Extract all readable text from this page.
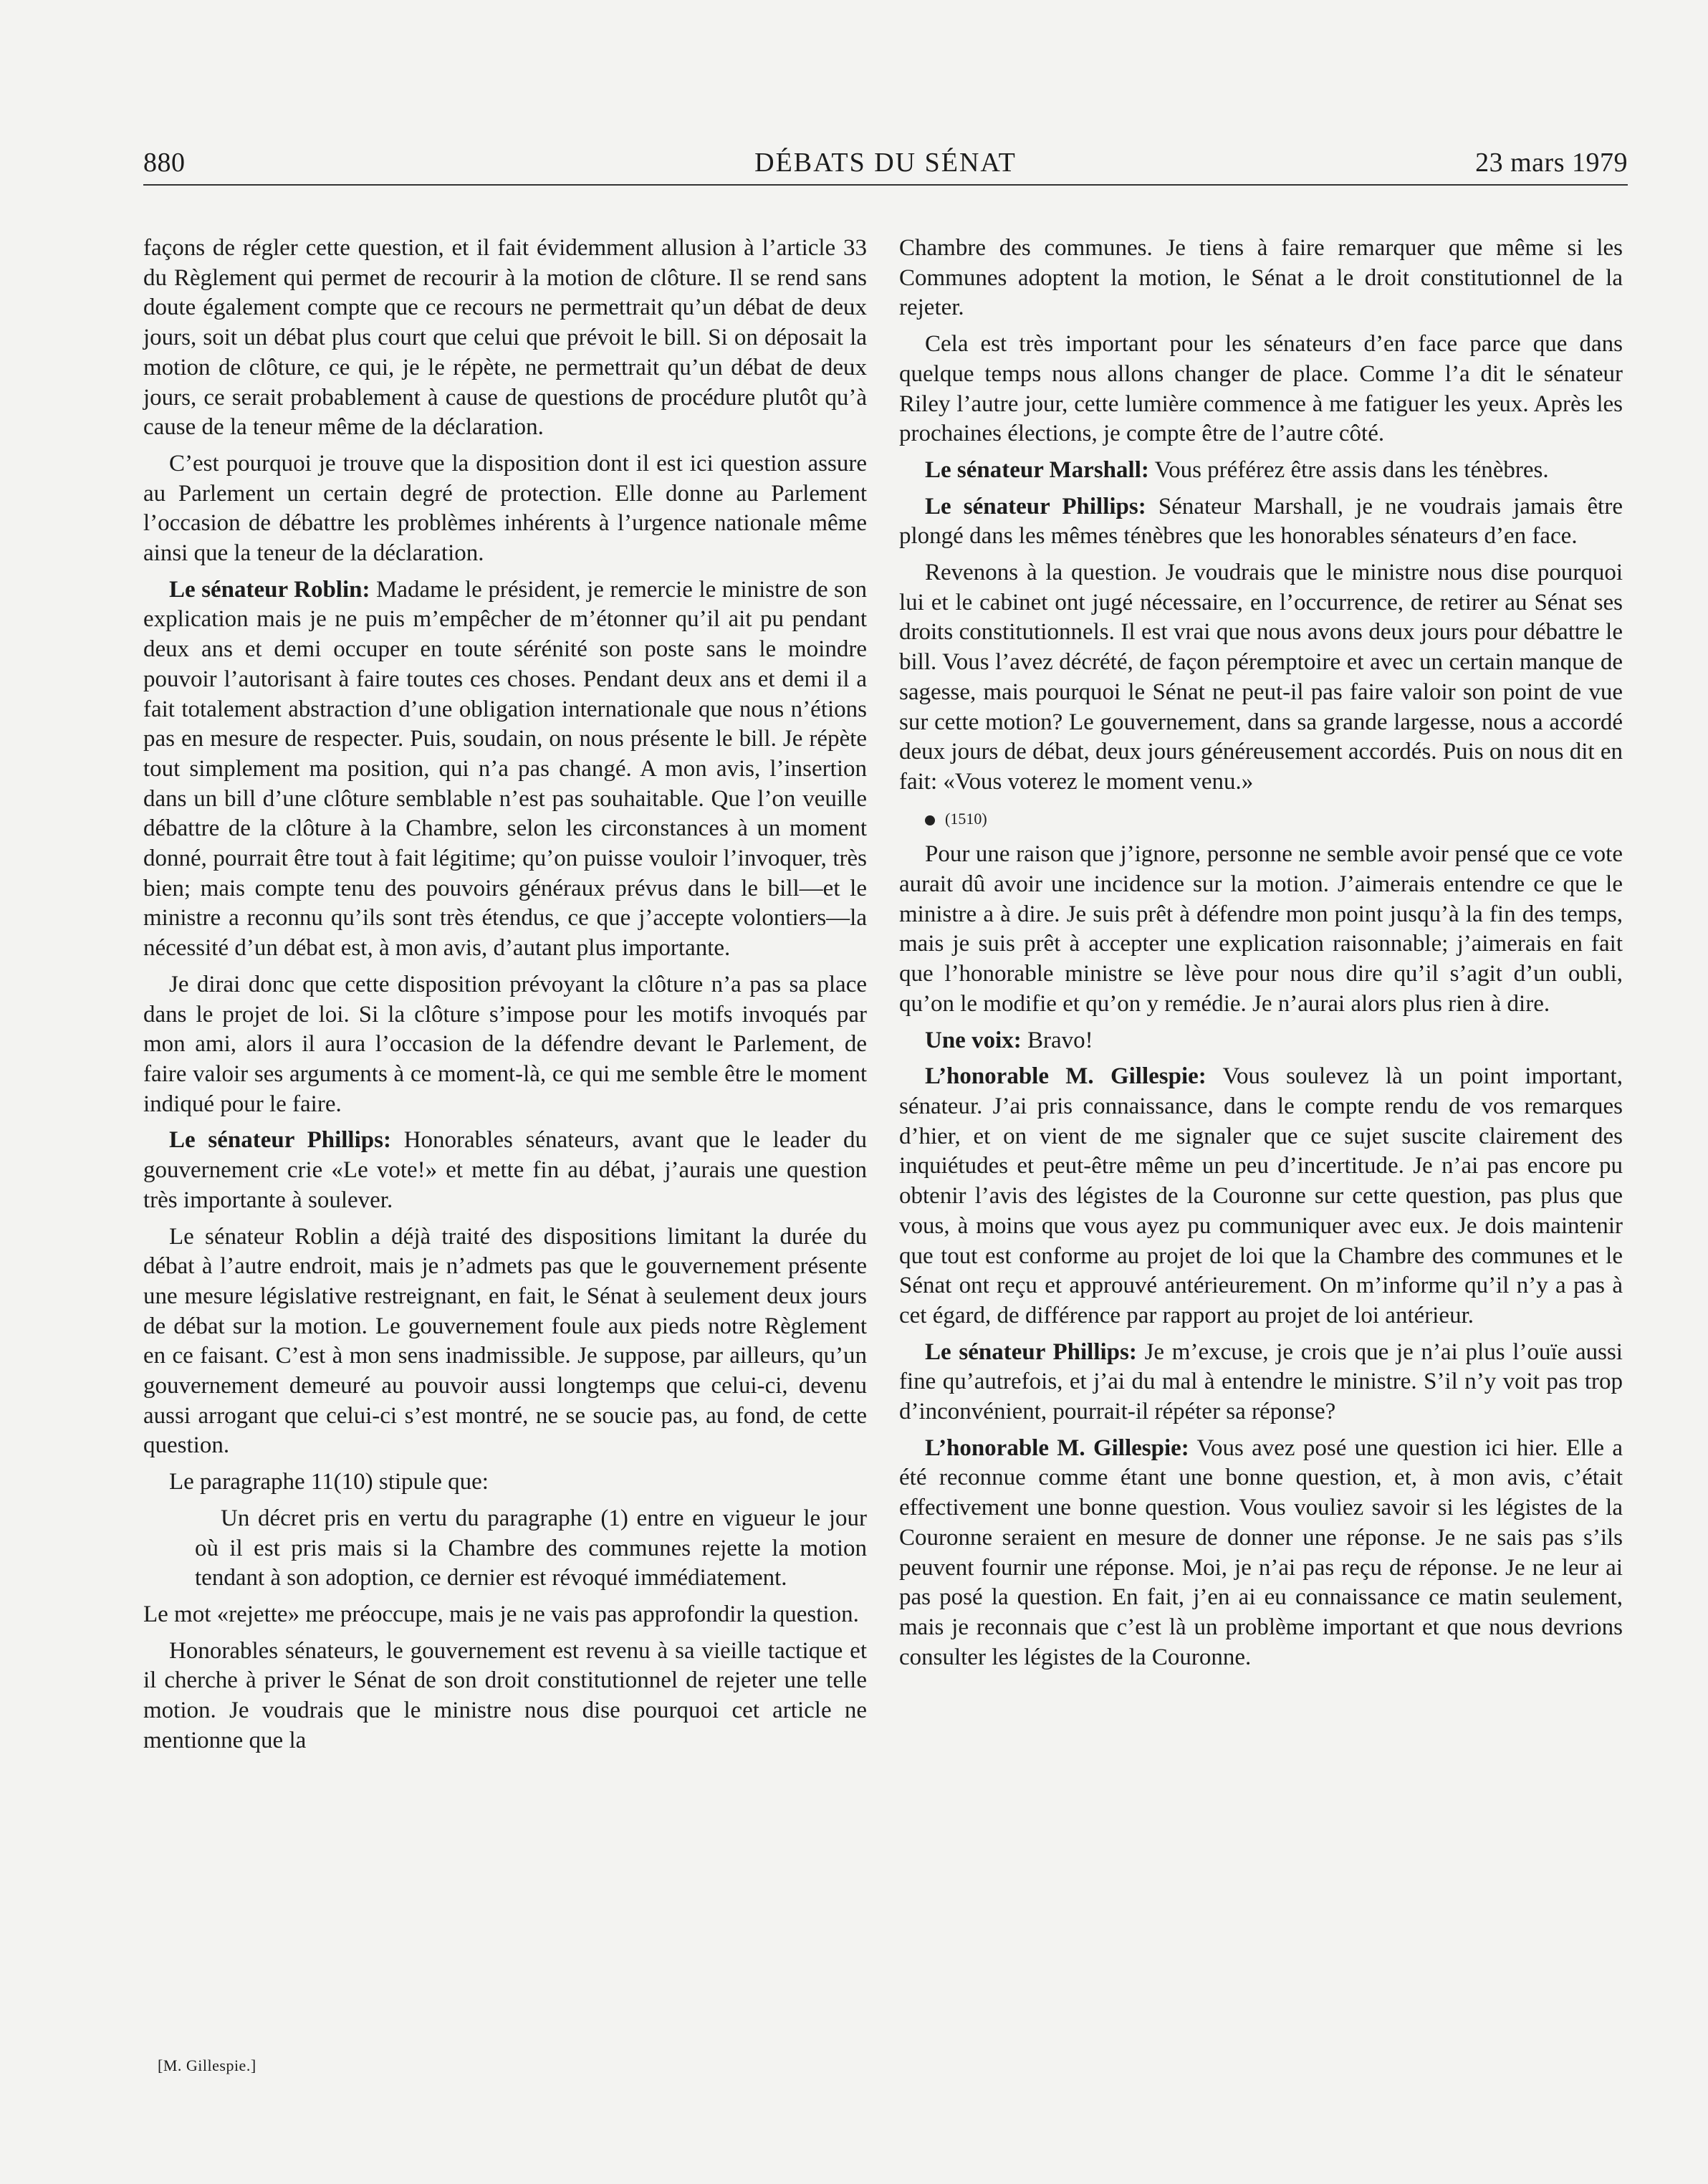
880	DÉBATS DU SÉNAT	23 mars 1979

façons de régler cette question, et il fait évidemment allusion à l’article 33 du Règlement qui permet de recourir à la motion de clôture. Il se rend sans doute également compte que ce recours ne permettrait qu’un débat de deux jours, soit un débat plus court que celui que prévoit le bill. Si on déposait la motion de clôture, ce qui, je le répète, ne permettrait qu’un débat de deux jours, ce serait probablement à cause de questions de procédure plutôt qu’à cause de la teneur même de la déclaration.

C’est pourquoi je trouve que la disposition dont il est ici question assure au Parlement un certain degré de protection. Elle donne au Parlement l’occasion de débattre les problèmes inhérents à l’urgence nationale même ainsi que la teneur de la déclaration.

Le sénateur Roblin: Madame le président, je remercie le ministre de son explication mais je ne puis m’empêcher de m’étonner qu’il ait pu pendant deux ans et demi occuper en toute sérénité son poste sans le moindre pouvoir l’autorisant à faire toutes ces choses. Pendant deux ans et demi il a fait totalement abstraction d’une obligation internationale que nous n’étions pas en mesure de respecter. Puis, soudain, on nous présente le bill. Je répète tout simplement ma position, qui n’a pas changé. A mon avis, l’insertion dans un bill d’une clôture semblable n’est pas souhaitable. Que l’on veuille débattre de la clôture à la Chambre, selon les circonstances à un moment donné, pourrait être tout à fait légitime; qu’on puisse vouloir l’invoquer, très bien; mais compte tenu des pouvoirs généraux prévus dans le bill—et le ministre a reconnu qu’ils sont très étendus, ce que j’accepte volontiers—la nécessité d’un débat est, à mon avis, d’autant plus importante.

Je dirai donc que cette disposition prévoyant la clôture n’a pas sa place dans le projet de loi. Si la clôture s’impose pour les motifs invoqués par mon ami, alors il aura l’occasion de la défendre devant le Parlement, de faire valoir ses arguments à ce moment-là, ce qui me semble être le moment indiqué pour le faire.

Le sénateur Phillips: Honorables sénateurs, avant que le leader du gouvernement crie «Le vote!» et mette fin au débat, j’aurais une question très importante à soulever.

Le sénateur Roblin a déjà traité des dispositions limitant la durée du débat à l’autre endroit, mais je n’admets pas que le gouvernement présente une mesure législative restreignant, en fait, le Sénat à seulement deux jours de débat sur la motion. Le gouvernement foule aux pieds notre Règlement en ce faisant. C’est à mon sens inadmissible. Je suppose, par ailleurs, qu’un gouvernement demeuré au pouvoir aussi longtemps que celui-ci, devenu aussi arrogant que celui-ci s’est montré, ne se soucie pas, au fond, de cette question.

Le paragraphe 11(10) stipule que:

Un décret pris en vertu du paragraphe (1) entre en vigueur le jour où il est pris mais si la Chambre des communes rejette la motion tendant à son adoption, ce dernier est révoqué immédiatement.

Le mot «rejette» me préoccupe, mais je ne vais pas approfondir la question.

Honorables sénateurs, le gouvernement est revenu à sa vieille tactique et il cherche à priver le Sénat de son droit constitutionnel de rejeter une telle motion. Je voudrais que le ministre nous dise pourquoi cet article ne mentionne que la

Chambre des communes. Je tiens à faire remarquer que même si les Communes adoptent la motion, le Sénat a le droit constitutionnel de la rejeter.

Cela est très important pour les sénateurs d’en face parce que dans quelque temps nous allons changer de place. Comme l’a dit le sénateur Riley l’autre jour, cette lumière commence à me fatiguer les yeux. Après les prochaines élections, je compte être de l’autre côté.

Le sénateur Marshall: Vous préférez être assis dans les ténèbres.

Le sénateur Phillips: Sénateur Marshall, je ne voudrais jamais être plongé dans les mêmes ténèbres que les honorables sénateurs d’en face.

Revenons à la question. Je voudrais que le ministre nous dise pourquoi lui et le cabinet ont jugé nécessaire, en l’occurrence, de retirer au Sénat ses droits constitutionnels. Il est vrai que nous avons deux jours pour débattre le bill. Vous l’avez décrété, de façon péremptoire et avec un certain manque de sagesse, mais pourquoi le Sénat ne peut-il pas faire valoir son point de vue sur cette motion? Le gouvernement, dans sa grande largesse, nous a accordé deux jours de débat, deux jours généreusement accordés. Puis on nous dit en fait: «Vous voterez le moment venu.»

(1510)

Pour une raison que j’ignore, personne ne semble avoir pensé que ce vote aurait dû avoir une incidence sur la motion. J’aimerais entendre ce que le ministre a à dire. Je suis prêt à défendre mon point jusqu’à la fin des temps, mais je suis prêt à accepter une explication raisonnable; j’aimerais en fait que l’honorable ministre se lève pour nous dire qu’il s’agit d’un oubli, qu’on le modifie et qu’on y remédie. Je n’aurai alors plus rien à dire.

Une voix: Bravo!

L’honorable M. Gillespie: Vous soulevez là un point important, sénateur. J’ai pris connaissance, dans le compte rendu de vos remarques d’hier, et on vient de me signaler que ce sujet suscite clairement des inquiétudes et peut-être même un peu d’incertitude. Je n’ai pas encore pu obtenir l’avis des légistes de la Couronne sur cette question, pas plus que vous, à moins que vous ayez pu communiquer avec eux. Je dois maintenir que tout est conforme au projet de loi que la Chambre des communes et le Sénat ont reçu et approuvé antérieurement. On m’informe qu’il n’y a pas à cet égard, de différence par rapport au projet de loi antérieur.

Le sénateur Phillips: Je m’excuse, je crois que je n’ai plus l’ouïe aussi fine qu’autrefois, et j’ai du mal à entendre le ministre. S’il n’y voit pas trop d’inconvénient, pourrait-il répéter sa réponse?

L’honorable M. Gillespie: Vous avez posé une question ici hier. Elle a été reconnue comme étant une bonne question, et, à mon avis, c’était effectivement une bonne question. Vous vouliez savoir si les légistes de la Couronne seraient en mesure de donner une réponse. Je ne sais pas s’ils peuvent fournir une réponse. Moi, je n’ai pas reçu de réponse. Je ne leur ai pas posé la question. En fait, j’en ai eu connaissance ce matin seulement, mais je reconnais que c’est là un problème important et que nous devrions consulter les légistes de la Couronne.

[M. Gillespie.]
